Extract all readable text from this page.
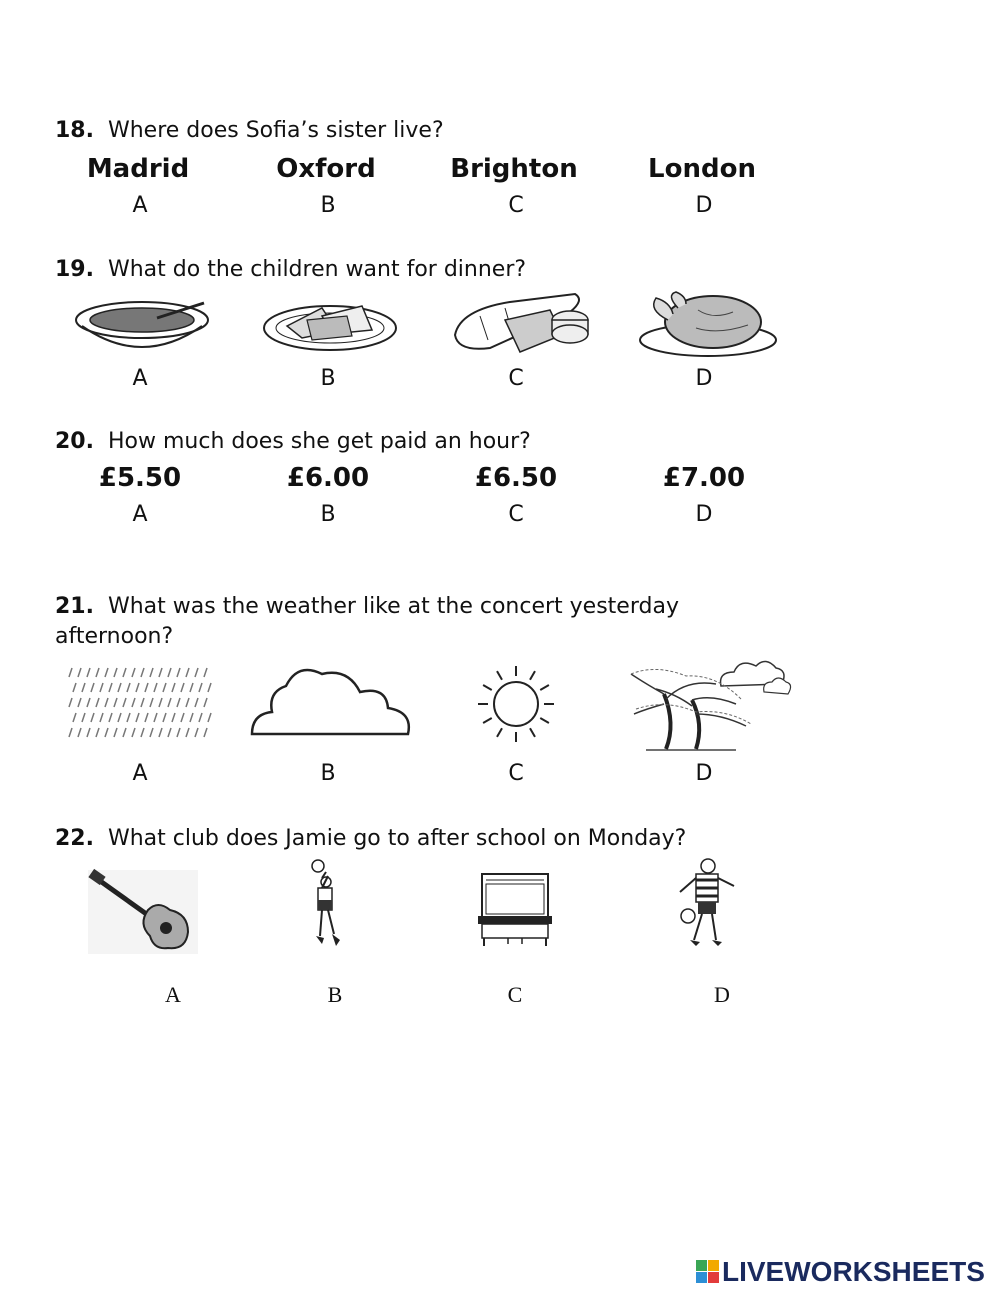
18. Where does Sofia’s sister live?
Madrid	Oxford	Brighton	London
A	B	C	D
19. What do the children want for dinner?
A	B	C	D
20. How much does she get paid an hour?
£5.50	£6.00	£6.50	£7.00
A	B	C	D
21. What was the weather like at the concert yesterday
afternoon?
A	B	C	D
22. What club does Jamie go to after school on Monday?
A	B	C	D
LIVEWORKSHEETS
